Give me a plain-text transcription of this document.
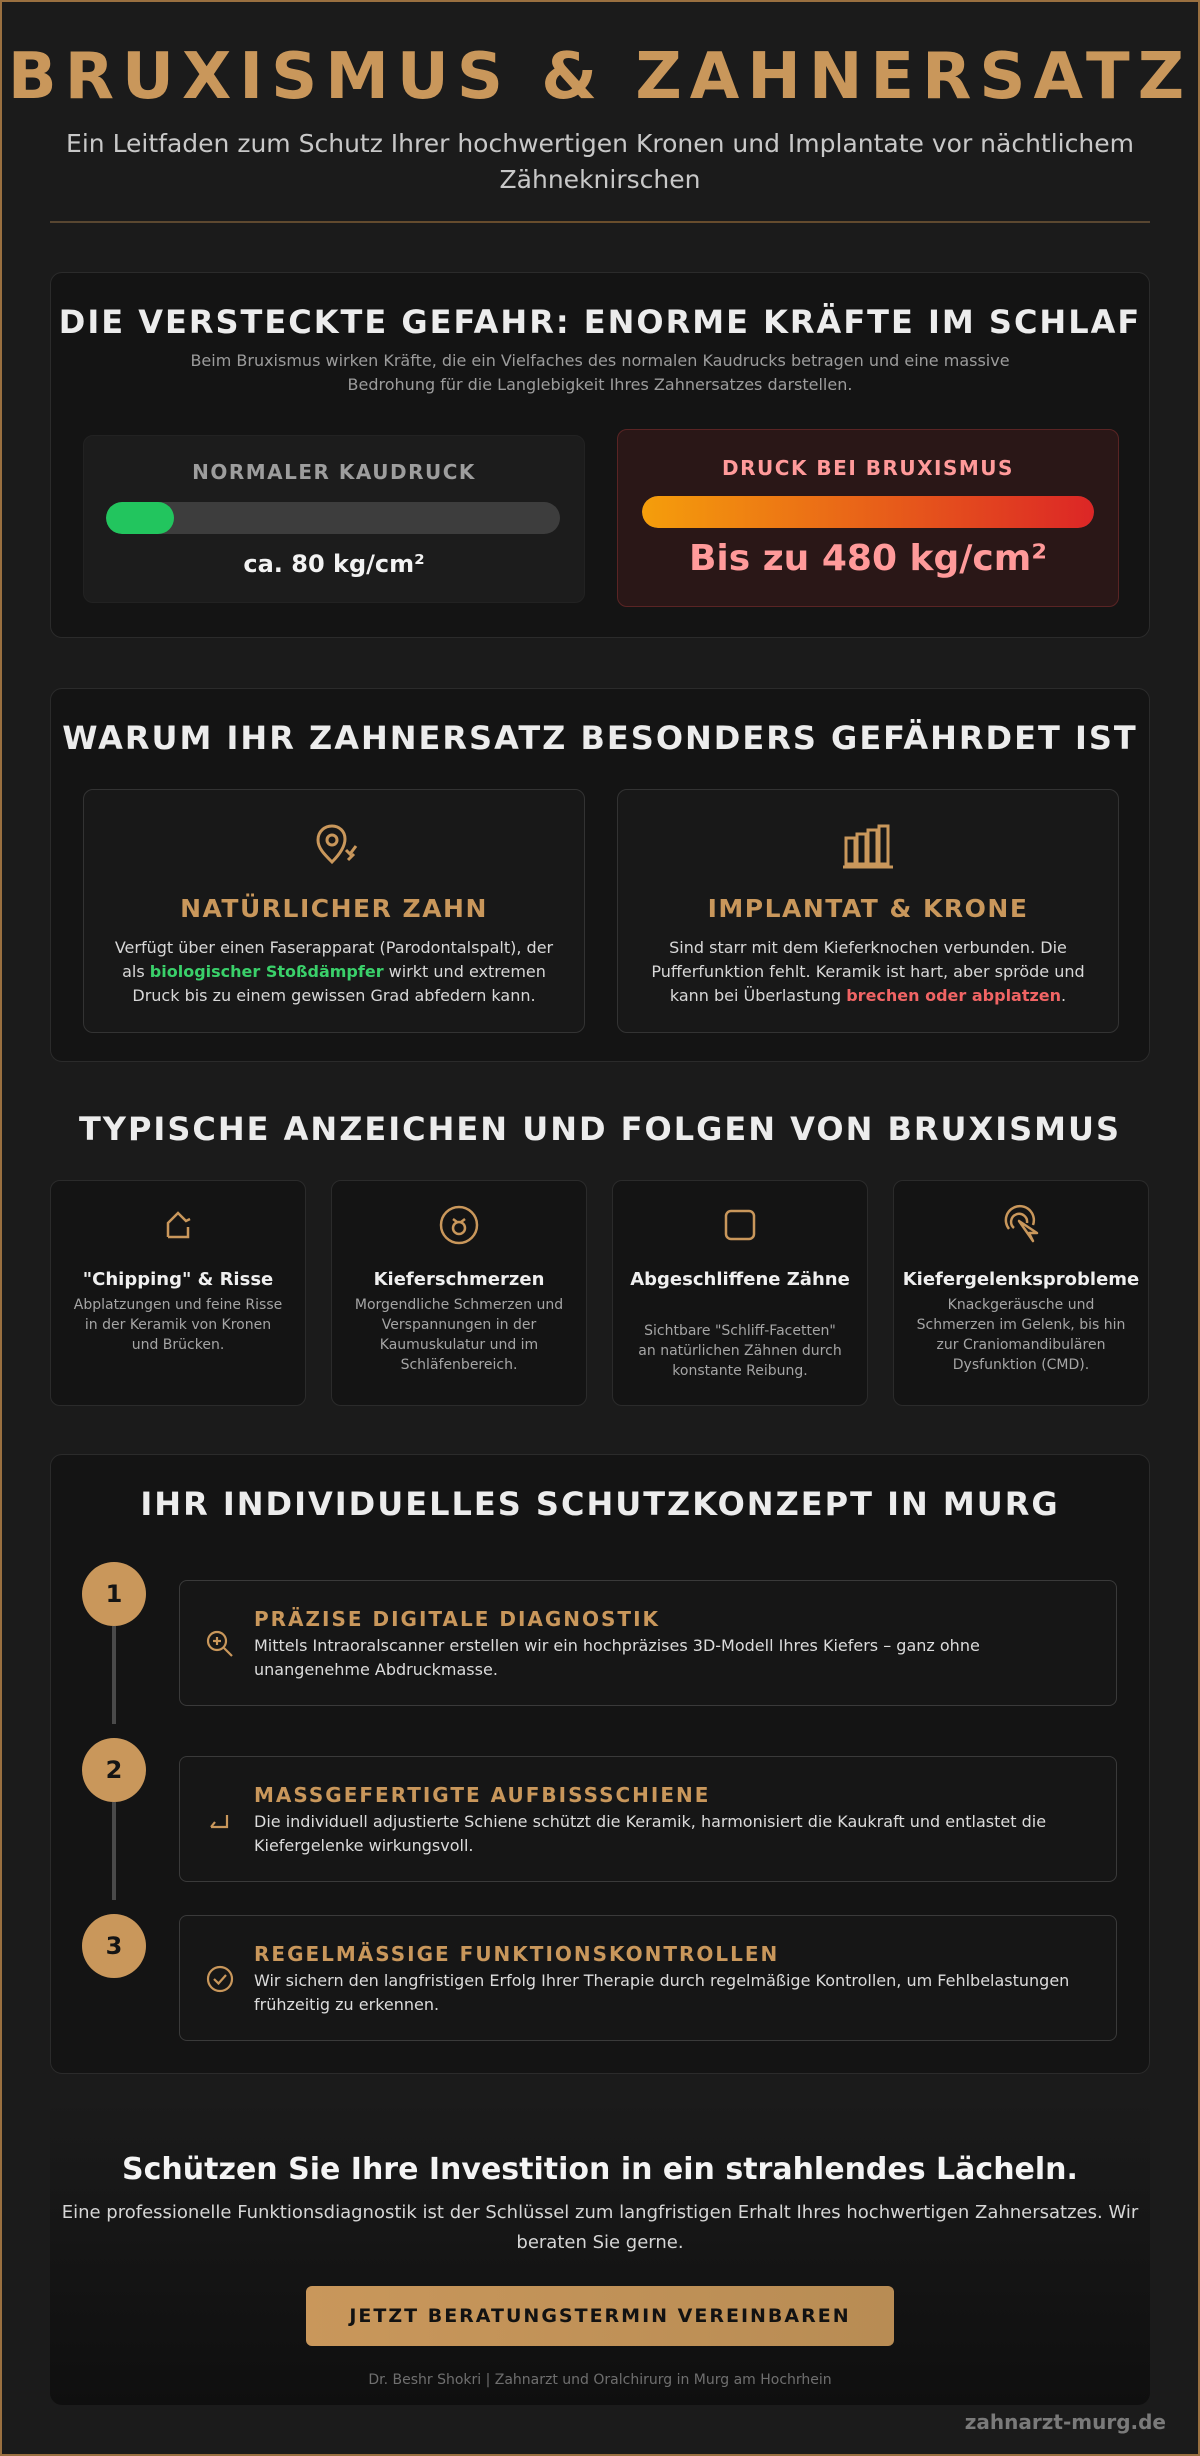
BRUXISMUS & ZAHNERSATZ

Ein Leitfaden zum Schutz Ihrer hochwertigen Kronen und Implantate vor nächtlichem Zähneknirschen

DIE VERSTECKTE GEFAHR: ENORME KRÄFTE IM SCHLAF

Beim Bruxismus wirken Kräfte, die ein Vielfaches des normalen Kaudrucks betragen und eine massive Bedrohung für die Langlebigkeit Ihres Zahnersatzes darstellen.

NORMALER KAUDRUCK
ca. 80 kg/cm²
DRUCK BEI BRUXISMUS
Bis zu 480 kg/cm²
WARUM IHR ZAHNERSATZ BESONDERS GEFÄHRDET IST
NATÜRLICHER ZAHN
Verfügt über einen Faserapparat (Parodontalspalt), der als biologischer Stoßdämpfer wirkt und extremen Druck bis zu einem gewissen Grad abfedern kann.
IMPLANTAT & KRONE
Sind starr mit dem Kieferknochen verbunden. Die Pufferfunktion fehlt. Keramik ist hart, aber spröde und kann bei Überlastung brechen oder abplatzen.
TYPISCHE ANZEICHEN UND FOLGEN VON BRUXISMUS
"Chipping" & Risse
Abplatzungen und feine Risse in der Keramik von Kronen und Brücken.
Kieferschmerzen
Morgendliche Schmerzen und Verspannungen in der Kaumuskulatur und im Schläfenbereich.
Abgeschliffene Zähne
Sichtbare "Schliff-Facetten" an natürlichen Zähnen durch konstante Reibung.
Kiefergelenksprobleme
Knackgeräusche und Schmerzen im Gelenk, bis hin zur Craniomandibulären Dysfunktion (CMD).
IHR INDIVIDUELLES SCHUTZKONZEPT IN MURG
1
PRÄZISE DIGITALE DIAGNOSTIK
Mittels Intraoralscanner erstellen wir ein hochpräzises 3D-Modell Ihres Kiefers – ganz ohne unangenehme Abdruckmasse.
2
MASSGEFERTIGTE AUFBISSSCHIENE
Die individuell adjustierte Schiene schützt die Keramik, harmonisiert die Kaukraft und entlastet die Kiefergelenke wirkungsvoll.
3	REGELMÄSSIGE FUNKTIONSKONTROLLEN
Wir sichern den langfristigen Erfolg Ihrer Therapie durch regelmäßige Kontrollen, um Fehlbelastungen frühzeitig zu erkennen.
Schützen Sie Ihre Investition in ein strahlendes Lächeln.

Eine professionelle Funktionsdiagnostik ist der Schlüssel zum langfristigen Erhalt Ihres hochwertigen Zahnersatzes. Wir beraten Sie gerne.

JETZT BERATUNGSTERMIN VEREINBAREN
Dr. Beshr Shokri | Zahnarzt und Oralchirurg in Murg am Hochrhein
zahnarzt-murg.de
